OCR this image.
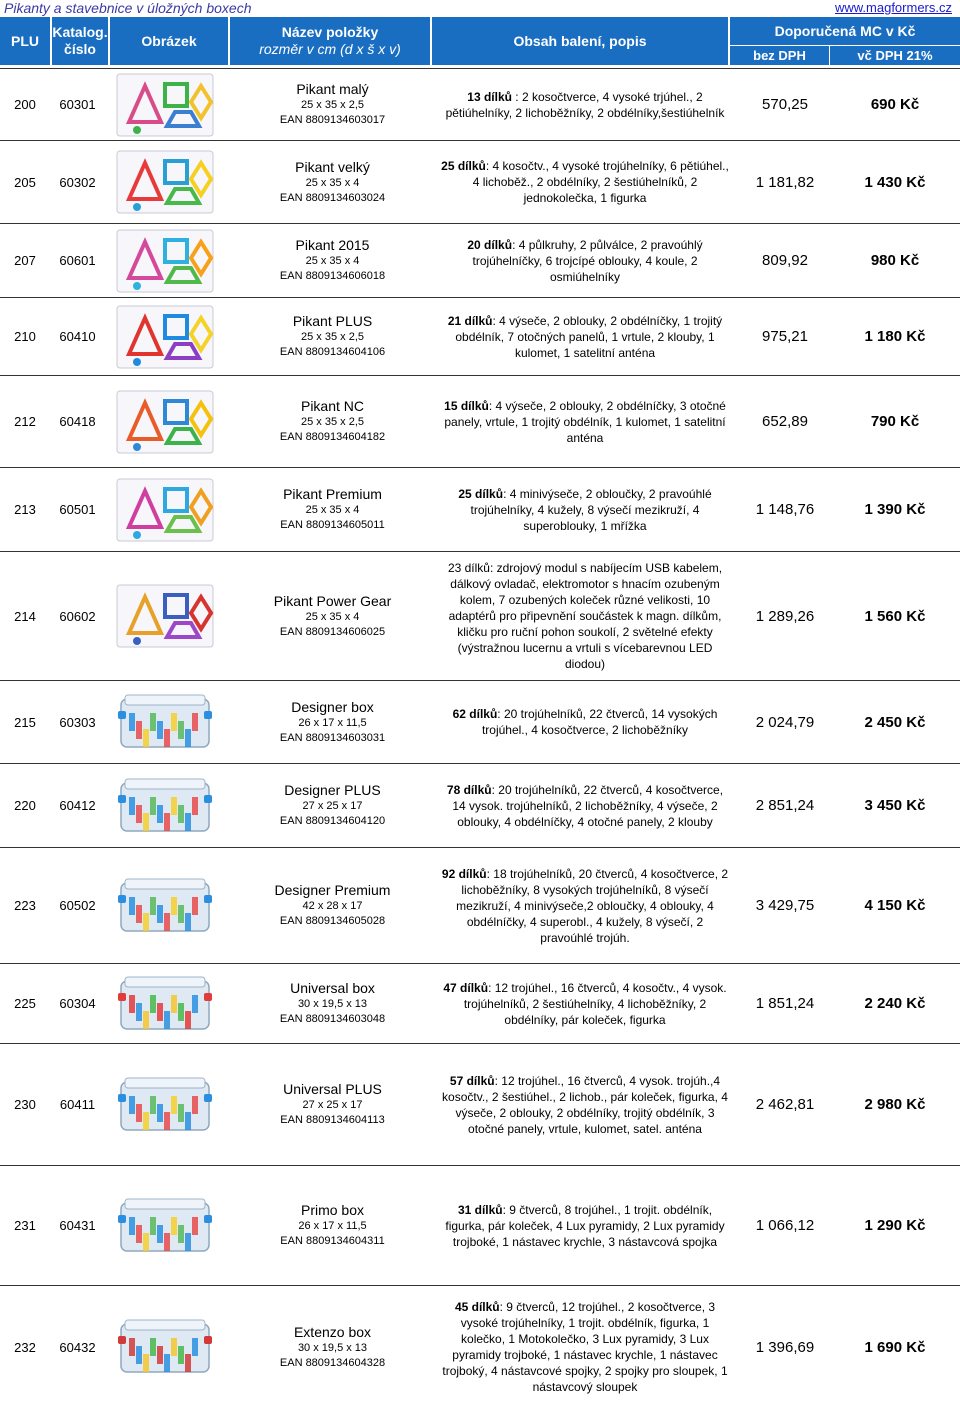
Pikanty a stavebnice v úložných boxech	www.magformers.cz
PLU
Katalog.
číslo
Obrázek
Název položky
rozměr v cm (d x š x v)
Obsah balení, popis
Doporučená MC v Kč
bez DPH	vč DPH 21%
200	60301
Pikant malý
25 x 35 x 2,5
EAN 8809134603017
13 dílků : 2 kosočtverce, 4 vysoké trjúhel., 2 pětiúhelníky, 2 lichoběžníky, 2 obdélníky,šestiúhelník	570,25	690 Kč
205	60302
Pikant velký
25 x 35 x 4
EAN 8809134603024
25 dílků: 4 kosočtv., 4 vysoké trojúhelníky, 6 pětiúhel., 4 lichoběž., 2 obdélníky, 2 šestiúhelníků, 2 jednokolečka, 1 figurka
1 181,82	1 430 Kč
207	60601
Pikant 2015
25 x 35 x 4
EAN 8809134606018
20 dílků: 4 půlkruhy, 2 půlválce, 2 pravoúhlý trojúhelníčky, 6 trojcípé oblouky, 4 koule, 2 osmiúhelníky
809,92	980 Kč
210	60410
Pikant PLUS
25 x 35 x 2,5
EAN 8809134604106
21 dílků: 4 výseče, 2 oblouky, 2 obdélníčky, 1 trojitý obdélník, 7 otočných panelů, 1 vrtule, 2 klouby, 1 kulomet, 1 satelitní anténa
975,21	1 180 Kč
212	60418
Pikant NC
25 x 35 x 2,5
EAN 8809134604182
15 dílků: 4 výseče, 2 oblouky, 2 obdélníčky, 3 otočné panely, vrtule, 1 trojitý obdélník, 1 kulomet, 1 satelitní anténa
652,89	790 Kč
213	60501
Pikant Premium
25 x 35 x 4
EAN 8809134605011
25 dílků: 4 minivýseče, 2 obloučky, 2 pravoúhlé trojúhelníky, 4 kužely, 8 výsečí mezikruží, 4 superoblouky, 1 mřížka
1 148,76	1 390 Kč
214	60602
Pikant Power Gear
25 x 35 x 4
EAN 8809134606025
23 dílků: zdrojový modul s nabíjecím USB kabelem, dálkový ovladač, elektromotor s hnacím ozubeným kolem, 7 ozubených koleček různé velikosti, 10 adaptérů pro připevnění součástek k magn. dílkům, kličku pro ruční pohon soukolí, 2 světelné efekty (výstražnou lucernu a vrtuli s vícebarevnou LED diodou)
1 289,26	1 560 Kč
215	60303
Designer box
26 x 17 x 11,5
EAN 8809134603031
62 dílků: 20 trojúhelníků, 22 čtverců, 14 vysokých trojúhel., 4 kosočtverce, 2 lichoběžníky	2 024,79	2 450 Kč
220	60412
Designer PLUS
27 x 25 x 17
EAN 8809134604120
78 dílků: 20 trojúhelníků, 22 čtverců, 4 kosočtverce, 14 vysok. trojúhelníků, 2 lichoběžníky, 4 výseče, 2 oblouky, 4 obdélníčky, 4 otočné panely, 2 klouby
2 851,24	3 450 Kč
223	60502
Designer Premium
42 x 28 x 17
EAN 8809134605028
92 dílků: 18 trojúhelníků, 20 čtverců, 4 kosočtverce, 2 lichoběžníky, 8 vysokých trojúhelníků, 8 výsečí mezikruží, 4 minivýseče,2 obloučky, 4 oblouky, 4 obdélníčky, 4 superobl., 4 kužely, 8 výsečí, 2 pravoúhlé trojúh.
3 429,75	4 150 Kč
225	60304
Universal box
30 x 19,5 x 13
EAN 8809134603048
47 dílků: 12 trojúhel., 16 čtverců, 4 kosočtv., 4 vysok. trojúhelníků, 2 šestiúhelníky, 4 lichoběžníky, 2 obdélníky, pár koleček, figurka
1 851,24	2 240 Kč
230	60411
Universal PLUS
27 x 25 x 17
EAN 8809134604113
57 dílků: 12 trojúhel., 16 čtverců, 4 vysok. trojúh.,4 kosočtv., 2 šestiúhel., 2 lichob., pár koleček, figurka, 4 výseče, 2 oblouky, 2 obdélníky, trojitý obdélník, 3 otočné panely, vrtule, kulomet, satel. anténa
2 462,81	2 980 Kč
231	60431
Primo box
26 x 17 x 11,5
EAN 8809134604311
31 dílků: 9 čtverců, 8 trojúhel., 1 trojit. obdélník, figurka, pár koleček, 4 Lux pyramidy, 2 Lux pyramidy trojboké, 1 nástavec krychle, 3 nástavcová spojka
1 066,12	1 290 Kč
232	60432
Extenzo box
30 x 19,5 x 13
EAN 8809134604328
45 dílků: 9 čtverců, 12 trojúhel., 2 kosočtverce, 3 vysoké trojúhelníky, 1 trojit. obdélník, figurka, 1 kolečko, 1 Motokolečko, 3 Lux pyramidy, 3 Lux pyramidy trojboké, 1 nástavec krychle, 1 nástavec trojboký, 4 nástavcové spojky, 2 spojky pro sloupek, 1 nástavcový sloupek
1 396,69	1 690 Kč
